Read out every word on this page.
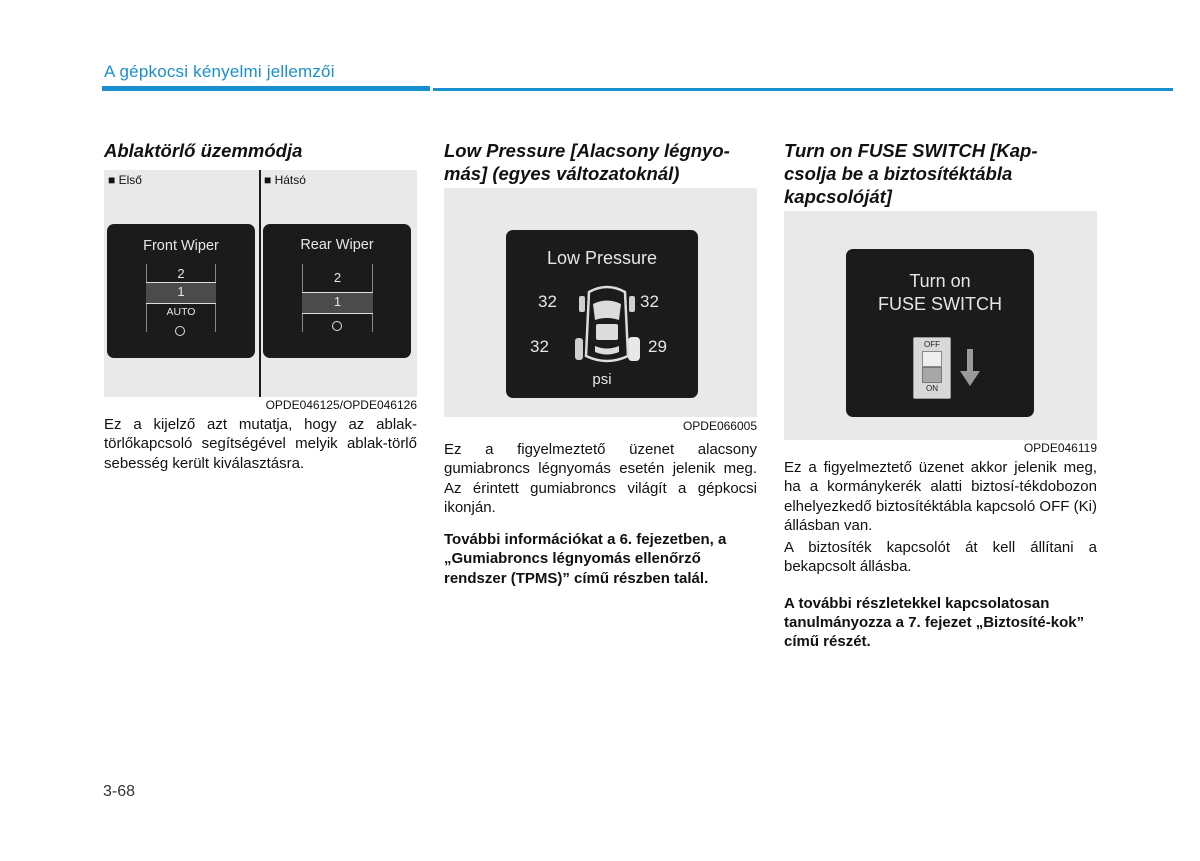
A gépkocsi kényelmi jellemzői
Ablaktörlő üzemmódja
■ Első	■ Hátsó
Front Wiper
2
1
AUTO
Rear Wiper
2
1
OPDE046125/OPDE046126
Ez a kijelző azt mutatja, hogy az ablak-törlőkapcsoló segítségével melyik ablak-törlő sebesség került kiválasztásra.
Low Pressure [Alacsony légnyo-
más] (egyes változatoknál)
Low Pressure
32	32
32	29
psi
OPDE066005

Ez a figyelmeztető üzenet alacsony gumiabroncs légnyomás esetén jelenik meg. Az érintett gumiabroncs világít a gépkocsi ikonján.

További információkat a 6. fejezetben, a „Gumiabroncs légnyomás ellenőrző rendszer (TPMS)” című részben talál.

Turn on FUSE SWITCH [Kap-
csolja be a biztosítéktábla
kapcsolóját]
Turn on
FUSE SWITCH
OFF
ON
OPDE046119

Ez a figyelmeztető üzenet akkor jelenik meg, ha a kormánykerék alatti biztosí-tékdobozon elhelyezkedő biztosítéktábla kapcsoló OFF (Ki) állásban van.

A biztosíték kapcsolót át kell állítani a bekapcsolt állásba.

A további részletekkel kapcsolatosan tanulmányozza a 7. fejezet „Biztosíté-kok” című részét.

3-68
